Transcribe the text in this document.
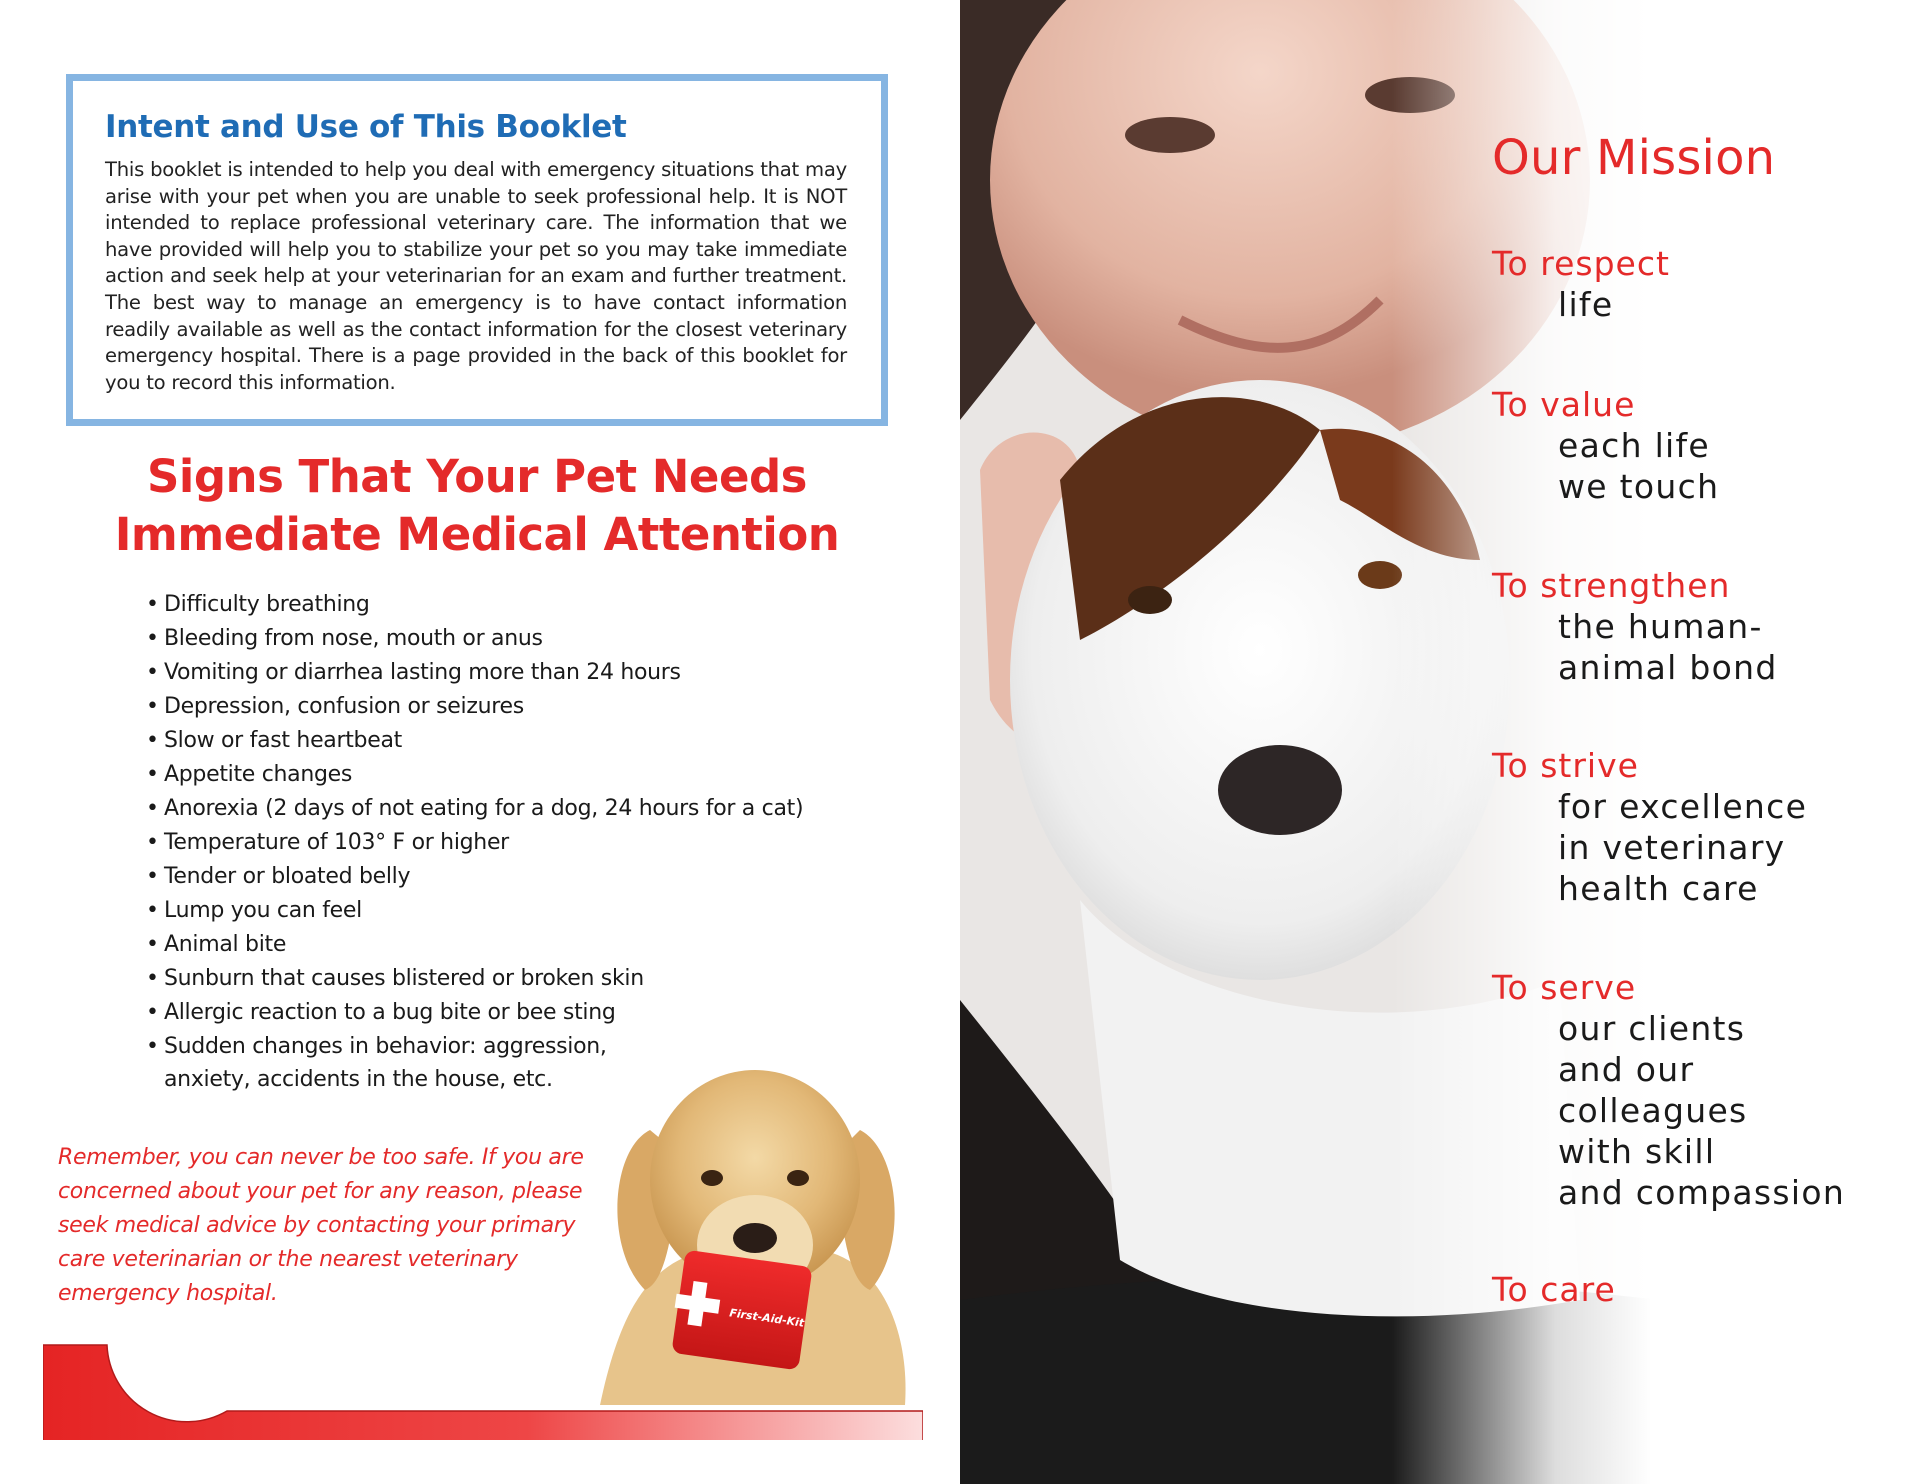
Intent and Use of This Booklet

This booklet is intended to help you deal with emergency situations that may arise with your pet when you are unable to seek professional help. It is NOT intended to replace professional veterinary care. The information that we have provided will help you to stabilize your pet so you may take immediate action and seek help at your veterinarian for an exam and further treatment. The best way to manage an emergency is to have contact information readily available as well as the contact information for the closest veterinary emergency hospital. There is a page provided in the back of this booklet for you to record this information.

Signs That Your Pet Needs Immediate Medical Attention
• Difficulty breathing
• Bleeding from nose, mouth or anus
• Vomiting or diarrhea lasting more than 24 hours
• Depression, confusion or seizures
• Slow or fast heartbeat
• Appetite changes
• Anorexia (2 days of not eating for a dog, 24 hours for a cat)
• Temperature of 103° F or higher
• Tender or bloated belly
• Lump you can feel
• Animal bite
• Sunburn that causes blistered or broken skin
• Allergic reaction to a bug bite or bee sting
• Sudden changes in behavior: aggression, anxiety, accidents in the house, etc.

Remember, you can never be too safe. If you are concerned about your pet for any reason, please seek medical advice by contacting your primary care veterinarian or the nearest veterinary emergency hospital.

First-Aid-Kit
Our Mission
To respect
life
To value
each life
we touch
To strengthen
the human-
animal bond
To strive
for excellence
in veterinary
health care
To serve
our clients
and our
colleagues
with skill
and compassion
To care
